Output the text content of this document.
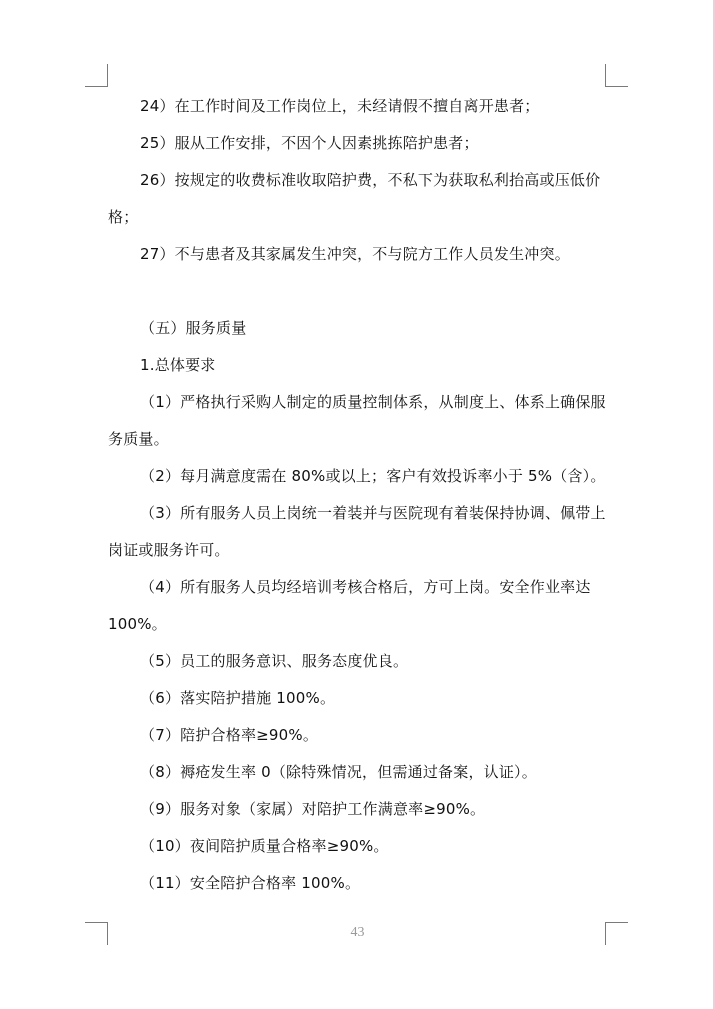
24）在工作时间及工作岗位上，未经请假不擅自离开患者；

25）服从工作安排，不因个人因素挑拣陪护患者；

26）按规定的收费标准收取陪护费，不私下为获取私利抬高或压低价格；

27）不与患者及其家属发生冲突，不与院方工作人员发生冲突。

（五）服务质量

1.总体要求

（1）严格执行采购人制定的质量控制体系，从制度上、体系上确保服务质量。

（2）每月满意度需在 80%或以上；客户有效投诉率小于 5%（含）。

（3）所有服务人员上岗统一着装并与医院现有着装保持协调、佩带上岗证或服务许可。

（4）所有服务人员均经培训考核合格后，方可上岗。安全作业率达 100%。

（5）员工的服务意识、服务态度优良。

（6）落实陪护措施 100%。

（7）陪护合格率≥90%。

（8）褥疮发生率 0（除特殊情况，但需通过备案，认证）。

（9）服务对象（家属）对陪护工作满意率≥90%。

（10）夜间陪护质量合格率≥90%。

（11）安全陪护合格率 100%。

43
